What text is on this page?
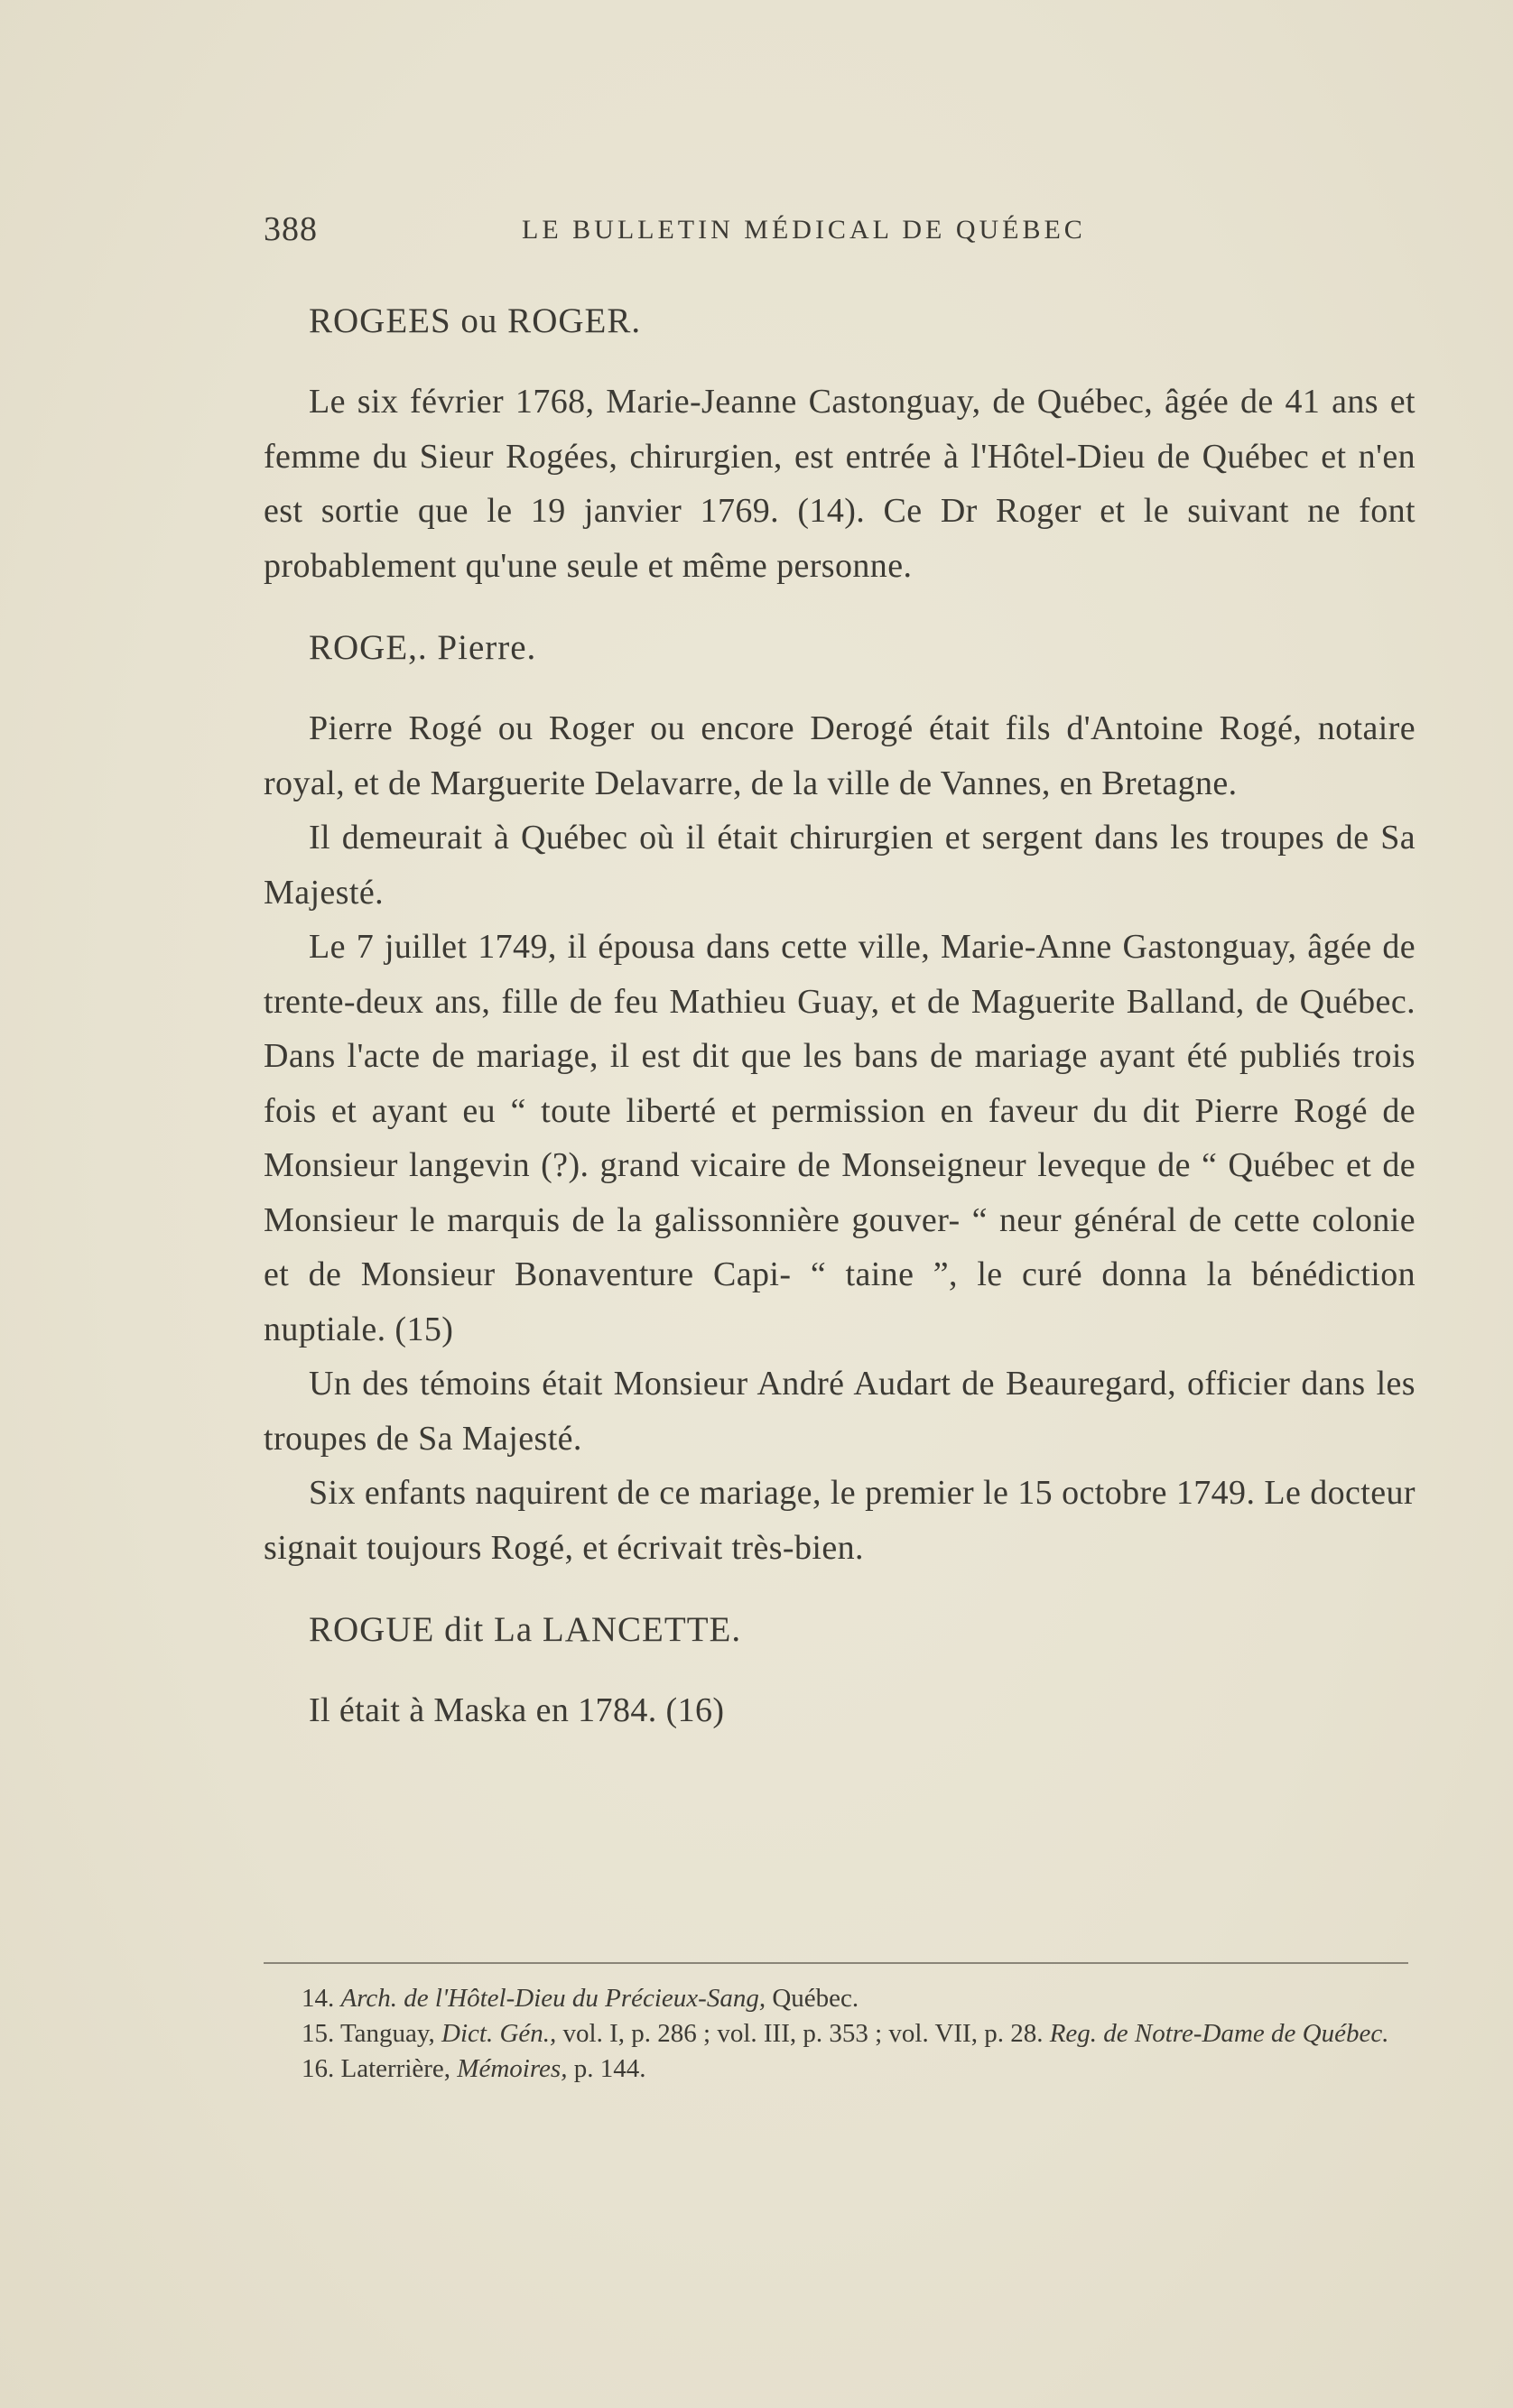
388	LE BULLETIN MÉDICAL DE QUÉBEC

ROGEES ou ROGER.

Le six février 1768, Marie-Jeanne Castonguay, de Québec, âgée de 41 ans et femme du Sieur Rogées, chirurgien, est entrée à l'Hôtel-Dieu de Québec et n'en est sortie que le 19 janvier 1769. (14). Ce Dr Roger et le suivant ne font probablement qu'une seule et même personne.

ROGE,. Pierre.

Pierre Rogé ou Roger ou encore Derogé était fils d'Antoine Rogé, notaire royal, et de Marguerite Delavarre, de la ville de Vannes, en Bretagne.

Il demeurait à Québec où il était chirurgien et sergent dans les troupes de Sa Majesté.

Le 7 juillet 1749, il épousa dans cette ville, Marie-Anne Gastonguay, âgée de trente-deux ans, fille de feu Mathieu Guay, et de Maguerite Balland, de Québec. Dans l'acte de mariage, il est dit que les bans de mariage ayant été publiés trois fois et ayant eu “ toute liberté et permission en faveur du dit Pierre Rogé de Monsieur langevin (?). grand vicaire de Monseigneur leveque de “ Québec et de Monsieur le marquis de la galissonnière gouver- “ neur général de cette colonie et de Monsieur Bonaventure Capi- “ taine ”, le curé donna la bénédiction nuptiale. (15)

Un des témoins était Monsieur André Audart de Beauregard, officier dans les troupes de Sa Majesté.

Six enfants naquirent de ce mariage, le premier le 15 octobre 1749. Le docteur signait toujours Rogé, et écrivait très-bien.

ROGUE dit La LANCETTE.

Il était à Maska en 1784. (16)

14. Arch. de l'Hôtel-Dieu du Précieux-Sang, Québec.

15. Tanguay, Dict. Gén., vol. I, p. 286 ; vol. III, p. 353 ; vol. VII, p. 28. Reg. de Notre-Dame de Québec.

16. Laterrière, Mémoires, p. 144.
